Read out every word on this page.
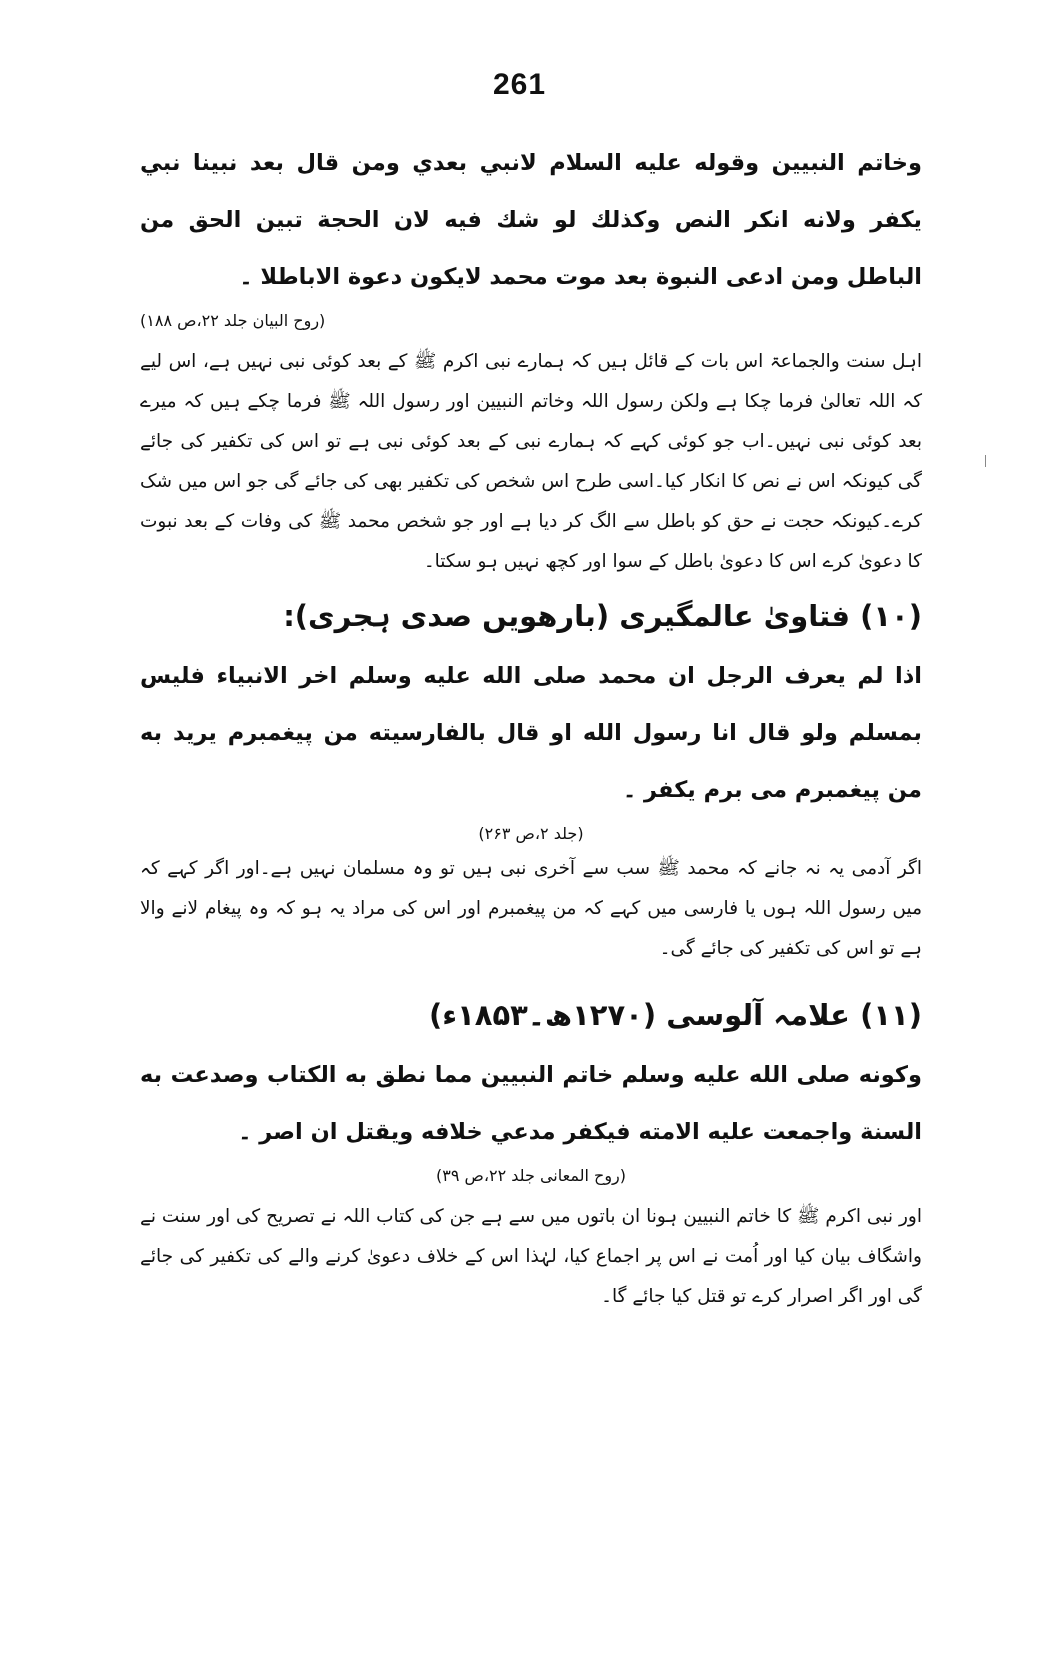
261

وخاتم النبيين وقوله عليه السلام لانبي بعدي ومن قال بعد نبينا نبي يكفر ولانه انكر النص وكذلك لو شك فيه لان الحجة تبين الحق من الباطل ومن ادعى النبوة بعد موت محمد لايكون دعوة الاباطلا ۔

(روح البیان جلد ۲۲،ص ۱۸۸)

اہل سنت والجماعۃ اس بات کے قائل ہیں کہ ہمارے نبی اکرم ﷺ کے بعد کوئی نبی نہیں ہے، اس لیے کہ اللہ تعالیٰ فرما چکا ہے ولکن رسول اللہ وخاتم النبیین اور رسول اللہ ﷺ فرما چکے ہیں کہ میرے بعد کوئی نبی نہیں۔اب جو کوئی کہے کہ ہمارے نبی کے بعد کوئی نبی ہے تو اس کی تکفیر کی جائے گی کیونکہ اس نے نص کا انکار کیا۔اسی طرح اس شخص کی تکفیر بھی کی جائے گی جو اس میں شک کرے۔کیونکہ حجت نے حق کو باطل سے الگ کر دیا ہے اور جو شخص محمد ﷺ کی وفات کے بعد نبوت کا دعویٰ کرے اس کا دعویٰ باطل کے سوا اور کچھ نہیں ہو سکتا۔

(۱۰) فتاویٰ عالمگیری (بارھویں صدی ہجری):

اذا لم يعرف الرجل ان محمد صلى الله عليه وسلم اخر الانبياء فليس بمسلم ولو قال انا رسول الله او قال بالفارسيته من پيغمبرم يريد به من پيغمبرم مى برم يكفر ۔

(جلد ۲،ص ۲۶۳)

اگر آدمی یہ نہ جانے کہ محمد ﷺ سب سے آخری نبی ہیں تو وہ مسلمان نہیں ہے۔اور اگر کہے کہ میں رسول اللہ ہوں یا فارسی میں کہے کہ من پیغمبرم اور اس کی مراد یہ ہو کہ وہ پیغام لانے والا ہے تو اس کی تکفیر کی جائے گی۔

(۱۱) علامہ آلوسی (۱۲۷۰ھ۔۱۸۵۳ء)

وكونه صلى الله عليه وسلم خاتم النبيين مما نطق به الكتاب وصدعت به السنة واجمعت عليه الامته فيكفر مدعي خلافه ويقتل ان اصر ۔

(روح المعانی جلد ۲۲،ص ۳۹)

اور نبی اکرم ﷺ کا خاتم النبیین ہونا ان باتوں میں سے ہے جن کی کتاب اللہ نے تصریح کی اور سنت نے واشگاف بیان کیا اور اُمت نے اس پر اجماع کیا، لہٰذا اس کے خلاف دعویٰ کرنے والے کی تکفیر کی جائے گی اور اگر اصرار کرے تو قتل کیا جائے گا۔
